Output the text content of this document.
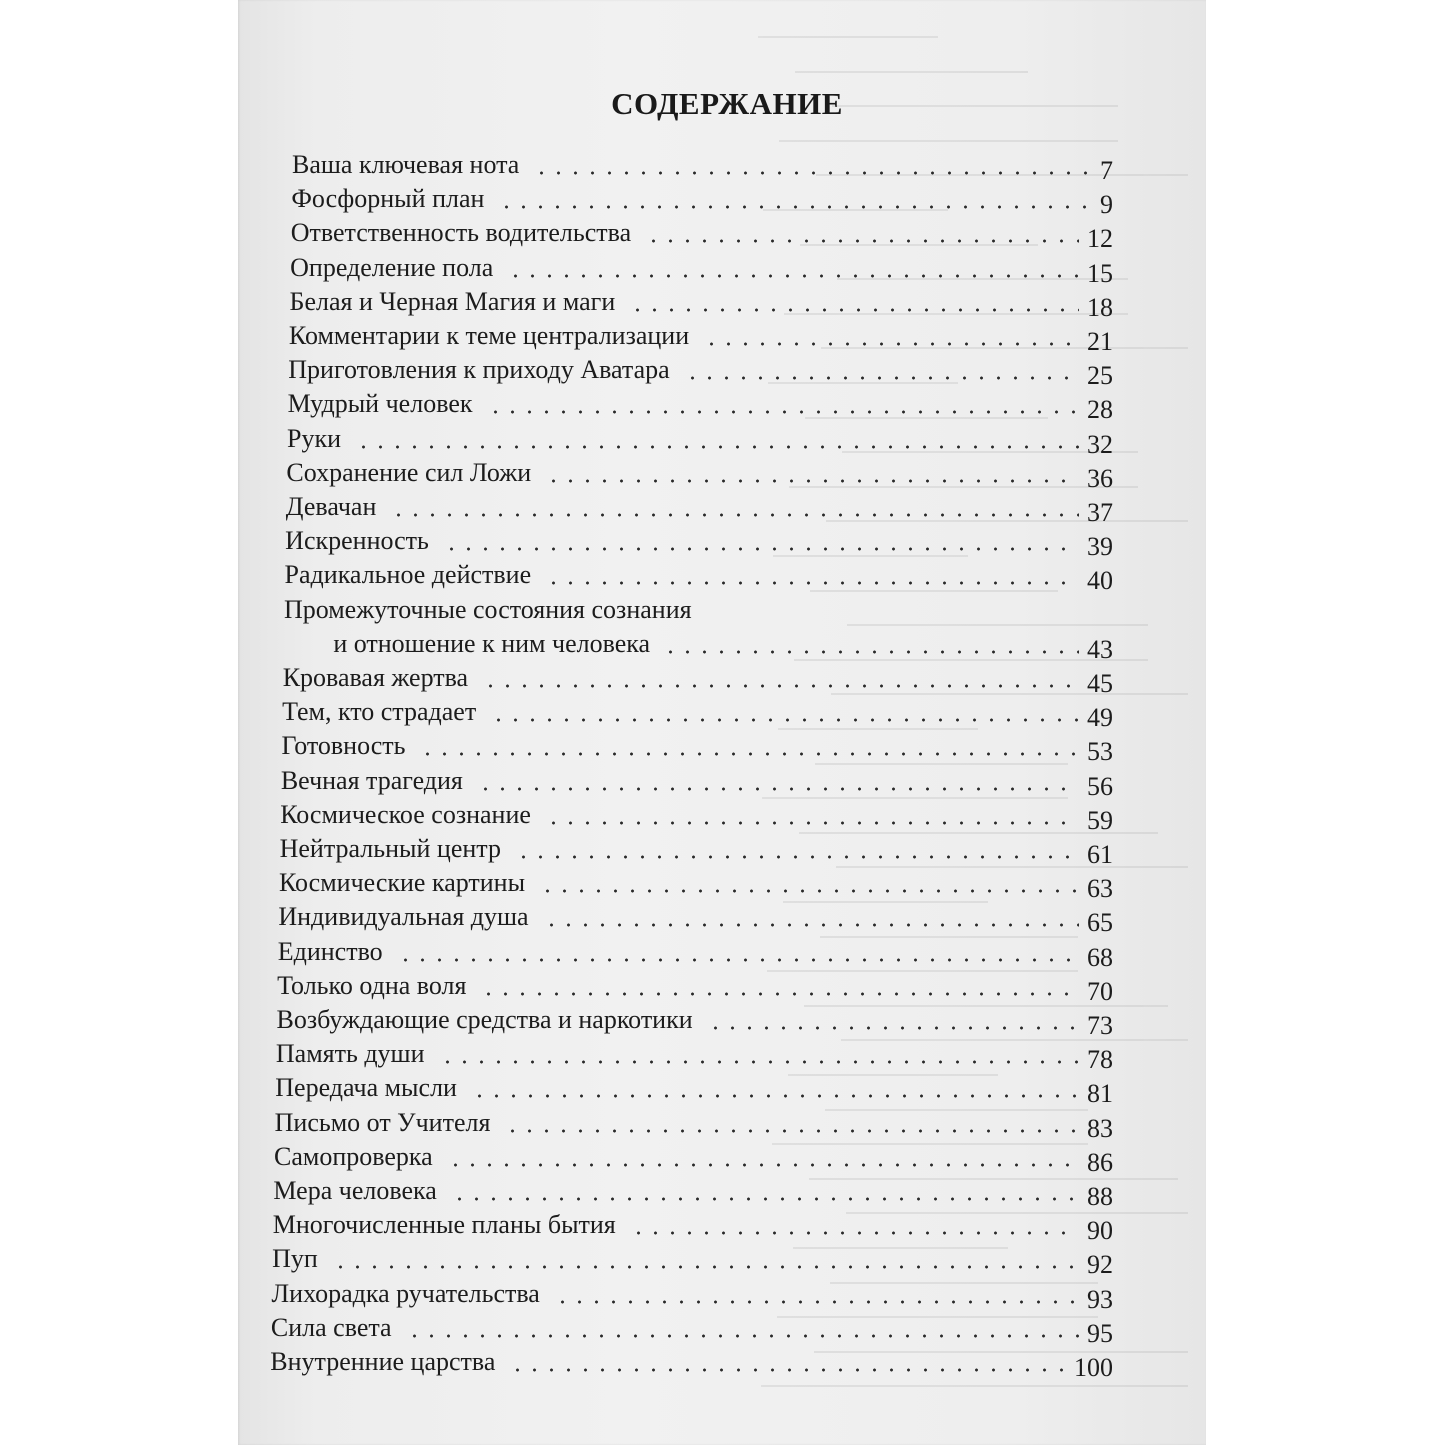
СОДЕРЖАНИЕ
Ваша ключевая нота	7
Фосфорный план	9
Ответственность водительства	12
Определение пола	15
Белая и Черная Магия и маги	18
Комментарии к теме централизации	21
Приготовления к приходу Аватара	25
Мудрый человек	28
Руки	32
Сохранение сил Ложи	36
Девачан	37
Искренность	39
Радикальное действие	40
Промежуточные состояния сознания
и отношение к ним человека	43
Кровавая жертва	45
Тем, кто страдает	49
Готовность	53
Вечная трагедия	56
Космическое сознание	59
Нейтральный центр	61
Космические картины	63
Индивидуальная душа	65
Единство	68
Только одна воля	70
Возбуждающие средства и наркотики	73
Память души	78
Передача мысли	81
Письмо от Учителя	83
Самопроверка	86
Мера человека	88
Многочисленные планы бытия	90
Пуп	92
Лихорадка ручательства	93
Сила света	95
Внутренние царства	100
